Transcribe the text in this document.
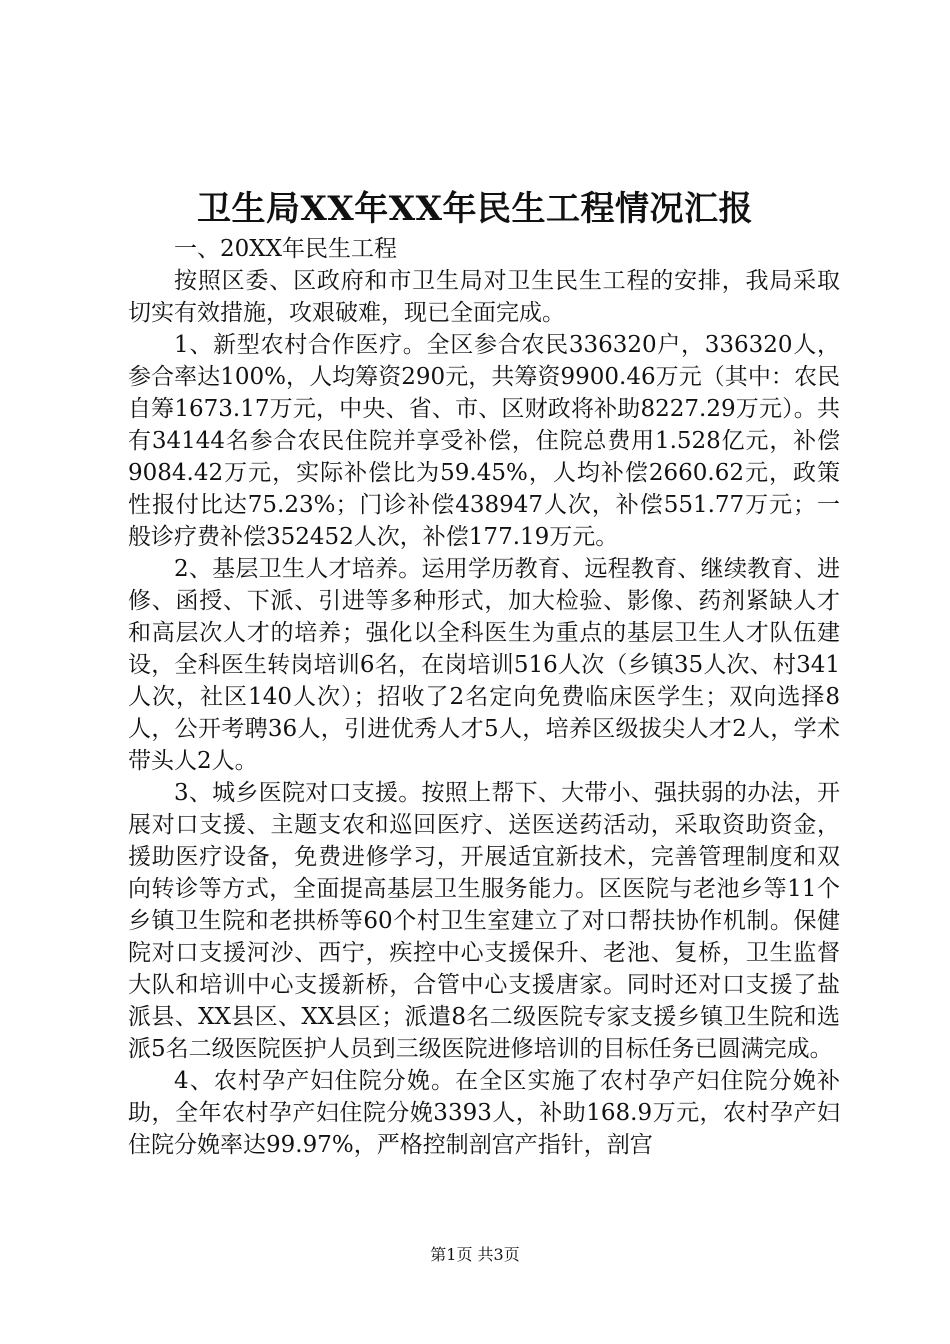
卫生局XX年XX年民生工程情况汇报

一、20XX年民生工程

按照区委、区政府和市卫生局对卫生民生工程的安排，我局采取切实有效措施，攻艰破难，现已全面完成。

1、新型农村合作医疗。全区参合农民336320户，336320人，参合率达100%，人均筹资290元，共筹资9900.46万元（其中：农民自筹1673.17万元，中央、省、市、区财政将补助8227.29万元）。共有34144名参合农民住院并享受补偿，住院总费用1.528亿元，补偿9084.42万元，实际补偿比为59.45%，人均补偿2660.62元，政策性报付比达75.23%；门诊补偿438947人次，补偿551.77万元；一般诊疗费补偿352452人次，补偿177.19万元。

2、基层卫生人才培养。运用学历教育、远程教育、继续教育、进修、函授、下派、引进等多种形式，加大检验、影像、药剂紧缺人才和高层次人才的培养；强化以全科医生为重点的基层卫生人才队伍建设，全科医生转岗培训6名，在岗培训516人次（乡镇35人次、村341人次，社区140人次）；招收了2名定向免费临床医学生；双向选择8人，公开考聘36人，引进优秀人才5人，培养区级拔尖人才2人，学术带头人2人。

3、城乡医院对口支援。按照上帮下、大带小、强扶弱的办法，开展对口支援、主题支农和巡回医疗、送医送药活动，采取资助资金，援助医疗设备，免费进修学习，开展适宜新技术，完善管理制度和双向转诊等方式，全面提高基层卫生服务能力。区医院与老池乡等11个乡镇卫生院和老拱桥等60个村卫生室建立了对口帮扶协作机制。保健院对口支援河沙、西宁，疾控中心支援保升、老池、复桥，卫生监督大队和培训中心支援新桥，合管中心支援唐家。同时还对口支援了盐派县、XX县区、XX县区；派遣8名二级医院专家支援乡镇卫生院和选派5名二级医院医护人员到三级医院进修培训的目标任务已圆满完成。

4、农村孕产妇住院分娩。在全区实施了农村孕产妇住院分娩补助，全年农村孕产妇住院分娩3393人，补助168.9万元，农村孕产妇住院分娩率达99.97%，严格控制剖宫产指针，剖宫

第1页 共3页
